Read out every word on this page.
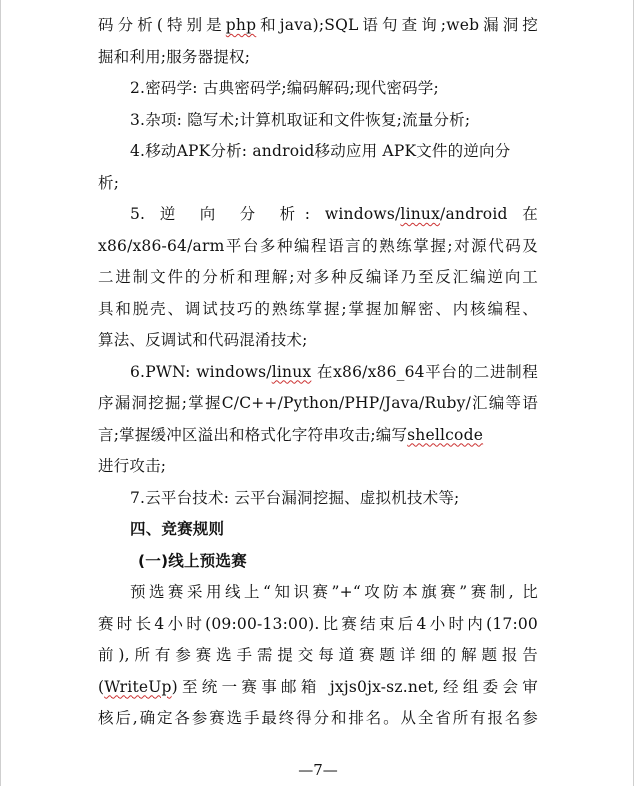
码分析(特别是php和java);SQL语句查询;web漏洞挖
掘和利用;服务器提权;
2.密码学: 古典密码学;编码解码;现代密码学;
3.杂项: 隐写术;计算机取证和文件恢复;流量分析;
4.移动APK分析: android移动应用 APK文件的逆向分
析;
5. 逆 向 分 析: windows/linux/android 在
x86/x86-64/arm平台多种编程语言的熟练掌握;对源代码及
二进制文件的分析和理解;对多种反编译乃至反汇编逆向工
具和脱壳、调试技巧的熟练掌握;掌握加解密、内核编程、
算法、反调试和代码混淆技术;
6.PWN: windows/linux 在x86/x86_64平台的二进制程
序漏洞挖掘;掌握C/C++/Python/PHP/Java/Ruby/汇编等语
言;掌握缓冲区溢出和格式化字符串攻击;编写shellcode
进行攻击;
7.云平台技术: 云平台漏洞挖掘、虚拟机技术等;
四、竞赛规则
(一)线上预选赛
预选赛采用线上“知识赛”+“攻防本旗赛”赛制, 比
赛时长4小时(09:00-13:00).比赛结束后4小时内(17:00
前),所有参赛选手需提交每道赛题详细的解题报告
(WriteUp)至统一赛事邮箱 jxjs0jx-sz.net,经组委会审
核后,确定各参赛选手最终得分和排名。从全省所有报名参
—7—
